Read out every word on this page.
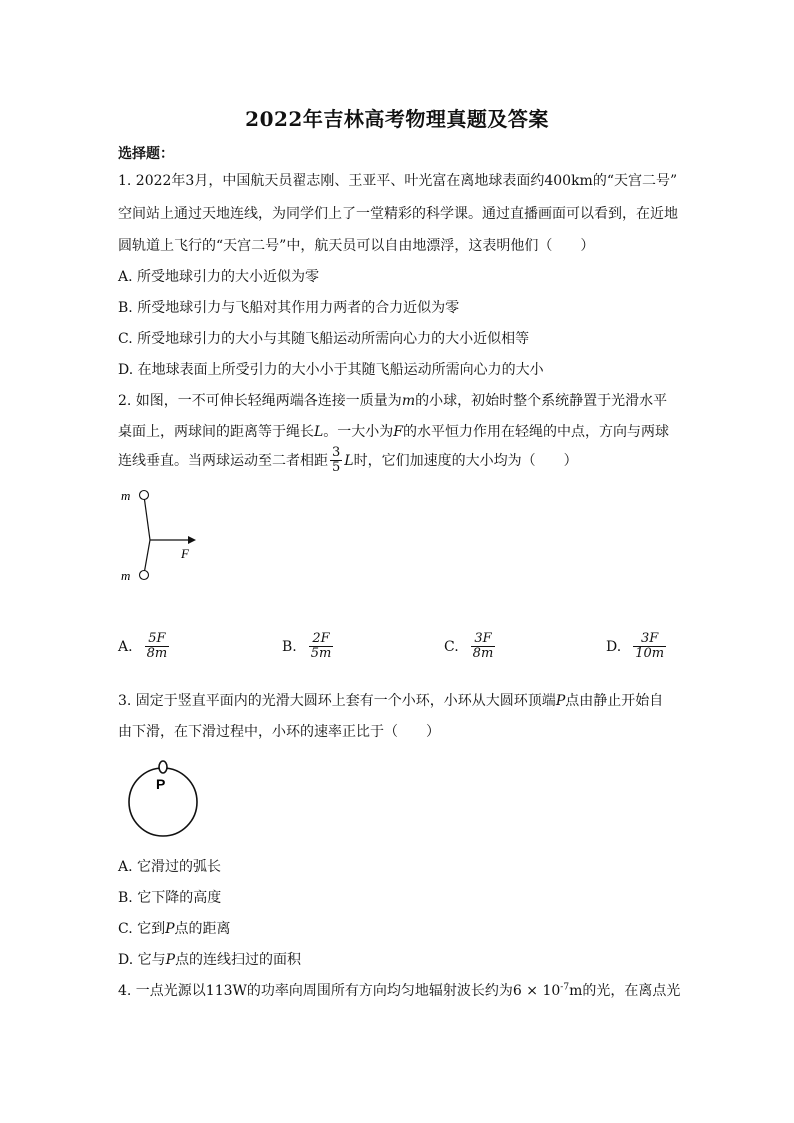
2022年吉林高考物理真题及答案
选择题：
1. 2022年3月，中国航天员翟志刚、王亚平、叶光富在离地球表面约400km的“天宫二号”
空间站上通过天地连线，为同学们上了一堂精彩的科学课。通过直播画面可以看到，在近地
圆轨道上飞行的“天宫二号”中，航天员可以自由地漂浮，这表明他们（　　）
A. 所受地球引力的大小近似为零
B. 所受地球引力与飞船对其作用力两者的合力近似为零
C. 所受地球引力的大小与其随飞船运动所需向心力的大小近似相等
D. 在地球表面上所受引力的大小小于其随飞船运动所需向心力的大小
2. 如图，一不可伸长轻绳两端各连接一质量为m的小球，初始时整个系统静置于光滑水平
桌面上，两球间的距离等于绳长L。一大小为F的水平恒力作用在轻绳的中点，方向与两球
连线垂直。当两球运动至二者相距 $\frac{3}{5}$ L时，它们加速度的大小均为（　　）
m
m
F
A. $\frac{5F}{8m}$	B. $\frac{2F}{5m}$	C. $\frac{3F}{8m}$	D. $\frac{3F}{10m}$
3. 固定于竖直平面内的光滑大圆环上套有一个小环，小环从大圆环顶端P点由静止开始自
由下滑，在下滑过程中，小环的速率正比于（　　）
P
A. 它滑过的弧长
B. 它下降的高度
C. 它到P点的距离
D. 它与P点的连线扫过的面积
4. 一点光源以113W的功率向周围所有方向均匀地辐射波长约为$6 \times 10^{-7}m$的光，在离点光
